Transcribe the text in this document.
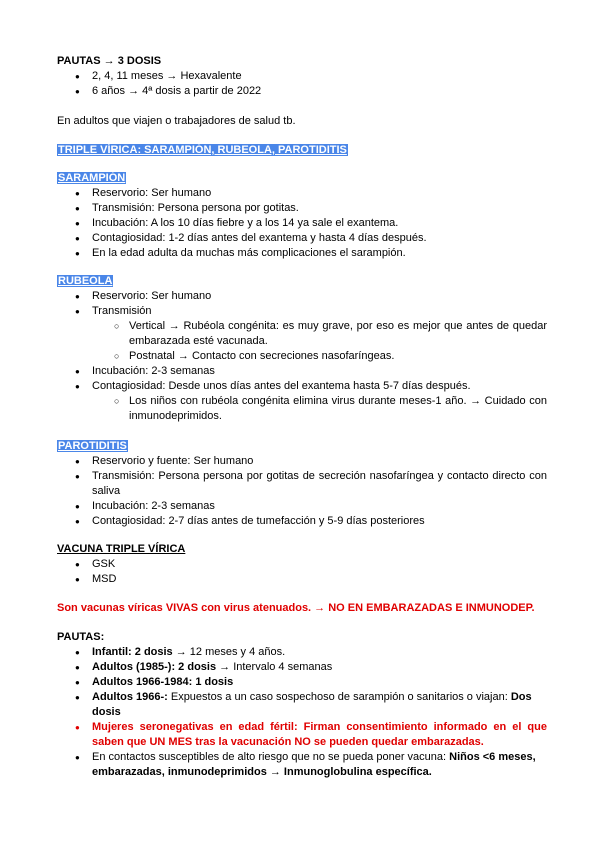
PAUTAS → 3 DOSIS

● 2, 4, 11 meses → Hexavalente
● 6 años → 4ª dosis a partir de 2022

En adultos que viajen o trabajadores de salud tb.

TRIPLE VÍRICA: SARAMPIÓN, RUBEOLA, PAROTIDITIS

SARAMPIÓN

● Reservorio: Ser humano
● Transmisión: Persona persona por gotitas.
● Incubación: A los 10 días fiebre y a los 14 ya sale el exantema.
● Contagiosidad: 1-2 días antes del exantema y hasta 4 días después.
● En la edad adulta da muchas más complicaciones el sarampión.

RUBEOLA

● Reservorio: Ser humano
● Transmisión
○ Vertical → Rubéola congénita: es muy grave, por eso es mejor que antes de quedar embarazada esté vacunada.
○ Postnatal → Contacto con secreciones nasofaríngeas.
● Incubación: 2-3 semanas
● Contagiosidad: Desde unos días antes del exantema hasta 5-7 días después.
○ Los niños con rubéola congénita elimina virus durante meses-1 año. → Cuidado con inmunodeprimidos.

PAROTIDITIS

● Reservorio y fuente: Ser humano
● Transmisión: Persona persona por gotitas de secreción nasofaríngea y contacto directo con saliva
● Incubación: 2-3 semanas
● Contagiosidad: 2-7 días antes de tumefacción y 5-9 días posteriores

VACUNA TRIPLE VÍRICA

● GSK
● MSD

Son vacunas víricas VIVAS con virus atenuados. → NO EN EMBARAZADAS E INMUNODEP.

PAUTAS:

● Infantil: 2 dosis → 12 meses y 4 años.
● Adultos (1985-): 2 dosis → Intervalo 4 semanas
● Adultos 1966-1984: 1 dosis
● Adultos 1966-: Expuestos a un caso sospechoso de sarampión o sanitarios o viajan: Dos dosis
● Mujeres seronegativas en edad fértil: Firman consentimiento informado en el que saben que UN MES tras la vacunación NO se pueden quedar embarazadas.
● En contactos susceptibles de alto riesgo que no se pueda poner vacuna: Niños <6 meses, embarazadas, inmunodeprimidos → Inmunoglobulina específica.
